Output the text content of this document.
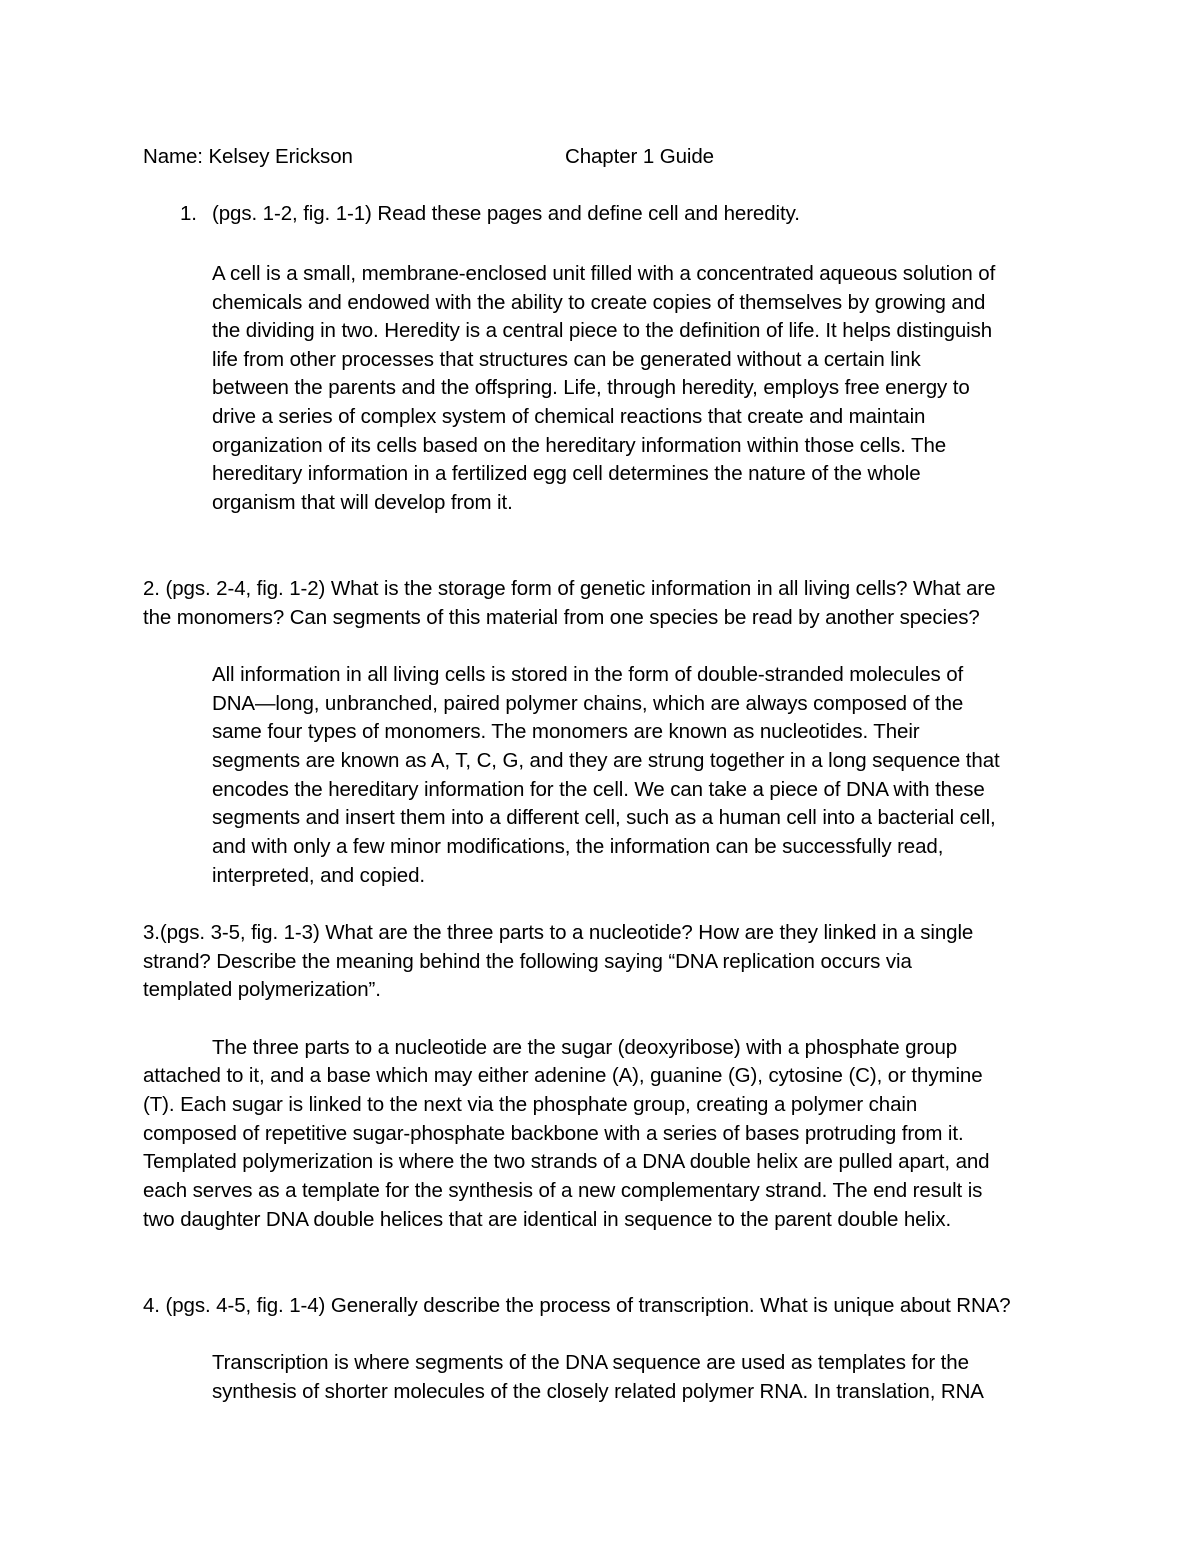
Name: Kelsey Erickson	Chapter 1 Guide
1. (pgs. 1-2, fig. 1-1) Read these pages and define cell and heredity.
A cell is a small, membrane-enclosed unit filled with a concentrated aqueous solution of
chemicals and endowed with the ability to create copies of themselves by growing and
the dividing in two. Heredity is a central piece to the definition of life. It helps distinguish
life from other processes that structures can be generated without a certain link
between the parents and the offspring. Life, through heredity, employs free energy to
drive a series of complex system of chemical reactions that create and maintain
organization of its cells based on the hereditary information within those cells. The
hereditary information in a fertilized egg cell determines the nature of the whole
organism that will develop from it.
2. (pgs. 2-4, fig. 1-2) What is the storage form of genetic information in all living cells? What are
the monomers? Can segments of this material from one species be read by another species?
All information in all living cells is stored in the form of double-stranded molecules of
DNA—long, unbranched, paired polymer chains, which are always composed of the
same four types of monomers. The monomers are known as nucleotides. Their
segments are known as A, T, C, G, and they are strung together in a long sequence that
encodes the hereditary information for the cell. We can take a piece of DNA with these
segments and insert them into a different cell, such as a human cell into a bacterial cell,
and with only a few minor modifications, the information can be successfully read,
interpreted, and copied.
3.(pgs. 3-5, fig. 1-3) What are the three parts to a nucleotide? How are they linked in a single
strand? Describe the meaning behind the following saying “DNA replication occurs via
templated polymerization”.
The three parts to a nucleotide are the sugar (deoxyribose) with a phosphate group
attached to it, and a base which may either adenine (A), guanine (G), cytosine (C), or thymine
(T). Each sugar is linked to the next via the phosphate group, creating a polymer chain
composed of repetitive sugar-phosphate backbone with a series of bases protruding from it.
Templated polymerization is where the two strands of a DNA double helix are pulled apart, and
each serves as a template for the synthesis of a new complementary strand. The end result is
two daughter DNA double helices that are identical in sequence to the parent double helix.
4. (pgs. 4-5, fig. 1-4) Generally describe the process of transcription. What is unique about RNA?
Transcription is where segments of the DNA sequence are used as templates for the
synthesis of shorter molecules of the closely related polymer RNA. In translation, RNA
